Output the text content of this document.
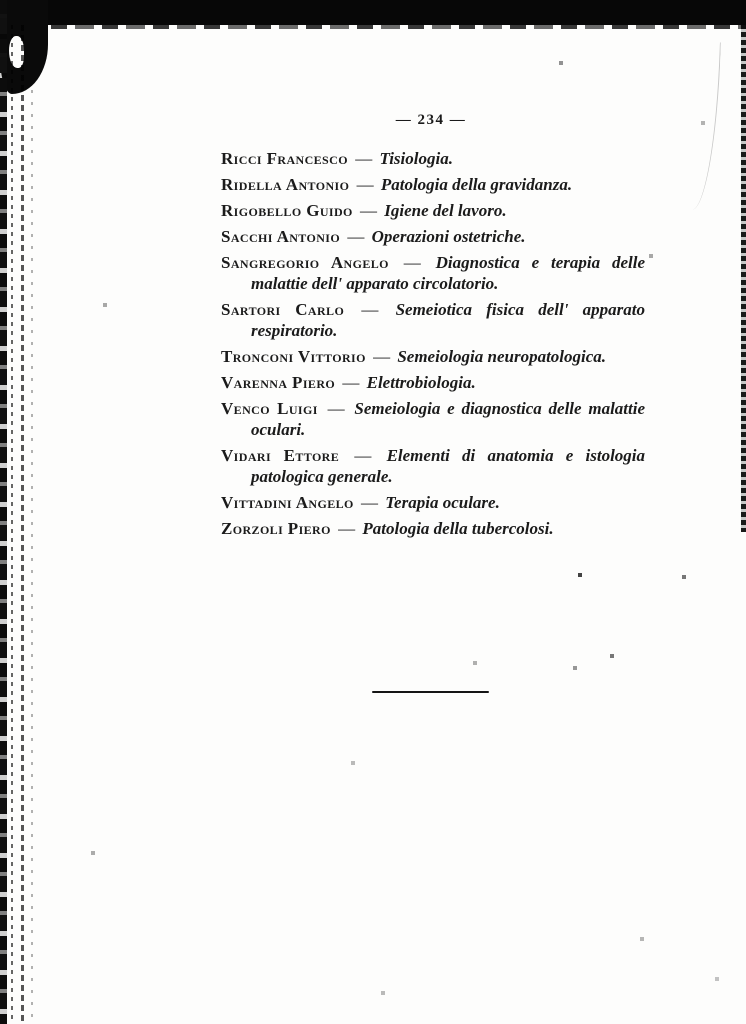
— 234 —
Ricci Francesco — Tisiologia.
Ridella Antonio — Patologia della gravidanza.
Rigobello Guido — Igiene del lavoro.
Sacchi Antonio — Operazioni ostetriche.
Sangregorio Angelo — Diagnostica e terapia delle malattie dell' apparato circolatorio.
Sartori Carlo — Semeiotica fisica dell' apparato respiratorio.
Tronconi Vittorio — Semeiologia neuropatologica.
Varenna Piero — Elettrobiologia.
Venco Luigi — Semeiologia e diagnostica delle malattie oculari.
Vidari Ettore — Elementi di anatomia e istologia patologica generale.
Vittadini Angelo — Terapia oculare.
Zorzoli Piero — Patologia della tubercolosi.
